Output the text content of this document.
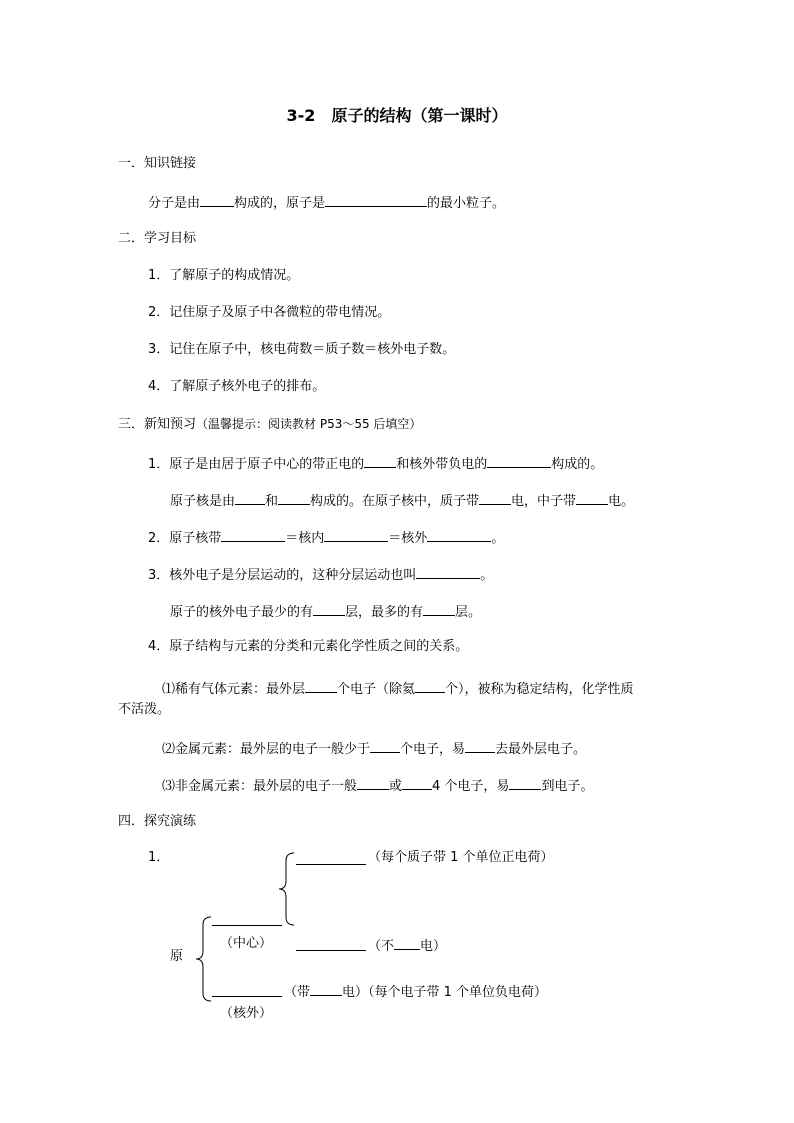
3-2　原子的结构（第一课时）
一．知识链接
分子是由	构成的，原子是	的最小粒子。
二．学习目标
1．了解原子的构成情况。
2．记住原子及原子中各微粒的带电情况。
3．记住在原子中，核电荷数＝质子数＝核外电子数。
4．了解原子核外电子的排布。
三．新知预习（温馨提示：阅读教材 P53～55 后填空）
1．原子是由居于原子中心的带正电的 和核外带负电的	构成的。
原子核是由 和 构成的。在原子核中，质子带 电，中子带 电。
2．原子核带	＝核内	＝核外	。
3．核外电子是分层运动的，这种分层运动也叫	。
原子的核外电子最少的有 层，最多的有 层。
4．原子结构与元素的分类和元素化学性质之间的关系。
⑴稀有气体元素：最外层 个电子（除氦 个），被称为稳定结构，化学性质
不活泼。
⑵金属元素：最外层的电子一般少于 个电子，易 去最外层电子。
⑶非金属元素：最外层的电子一般 或 4 个电子，易 到电子。
四．探究演练
1．	（每个质子带 1 个单位正电荷）
（中心）	（不 电）
原
（带 电）（每个电子带 1 个单位负电荷）
（核外）
